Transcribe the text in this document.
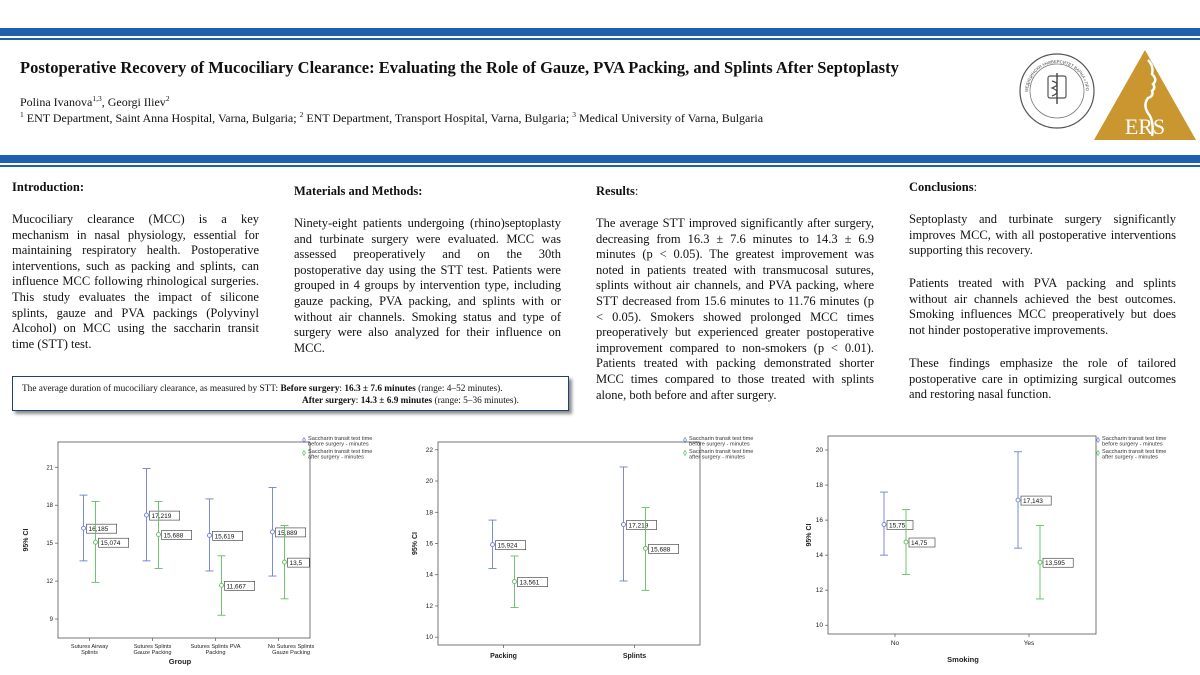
Postoperative Recovery of Mucociliary Clearance: Evaluating the Role of Gauze, PVA Packing, and Splints After Septoplasty
Polina Ivanova$^{1,3}$, Georgi Iliev$^2$
$^1$ ENT Department, Saint Anna Hospital, Varna, Bulgaria; $^2$ ENT Department, Transport Hospital, Varna, Bulgaria; $^3$ Medical University of Varna, Bulgaria
МЕДИЦИНСКИ УНИВЕРСИТЕТ ВАРНА • ПРО
ERS
Introduction:
Mucociliary clearance (MCC) is a key mechanism in nasal physiology, essential for maintaining respiratory health. Postoperative interventions, such as packing and splints, can influence MCC following rhinological surgeries. This study evaluates the impact of silicone splints, gauze and PVA packings (Polyvinyl Alcohol) on MCC using the saccharin transit time (STT) test.
Materials and Methods:
Ninety-eight patients undergoing (rhino)septoplasty and turbinate surgery were evaluated. MCC was assessed preoperatively and on the 30th postoperative day using the STT test. Patients were grouped in 4 groups by intervention type, including gauze packing, PVA packing, and splints with or without air channels. Smoking status and type of surgery were also analyzed for their influence on MCC.
Results:
The average STT improved significantly after surgery, decreasing from 16.3 ± 7.6 minutes to 14.3 ± 6.9 minutes (p < 0.05). The greatest improvement was noted in patients treated with transmucosal sutures, splints without air channels, and PVA packing, where STT decreased from 15.6 minutes to 11.76 minutes (p < 0.05). Smokers showed prolonged MCC times preoperatively but experienced greater postoperative improvement compared to non-smokers (p < 0.01). Patients treated with packing demonstrated shorter MCC times compared to those treated with splints alone, both before and after surgery.
Conclusions:
Septoplasty and turbinate surgery significantly improves MCC, with all postoperative interventions supporting this recovery.
Patients treated with PVA packing and splints without air channels achieved the best outcomes. Smoking influences MCC preoperatively but does not hinder postoperative improvements.
These findings emphasize the role of tailored postoperative care in optimizing surgical outcomes and restoring nasal function.
The average duration of mucociliary clearance, as measured by STT: Before surgery: 16.3 ± 7.6 minutes (range: 4–52 minutes).
After surgery: 14.3 ± 6.9 minutes (range: 5–36 minutes).
9
12
15
18
21
95% CI	16,185
15,074
17,219
15,688	15,619
11,667
15,889
13,5
Sutures Airway
Splints
Sutures Splints
Gauze Packing
Sutures Splints PVA
Packing
No Sutures Splints
Gauze Packing
Group
Saccharin transit test time
before surgery - minutes
Saccharin transit test time
after surgery - minutes
10
12
14
16
18
20
22
95% CI	15,924
13,561
17,219
15,688
Packing	Splints
Saccharin transit test time
before surgery - minutes
Saccharin transit test time
after surgery - minutes
10
12
14
16
18
20
95% CI	15,75
14,75
17,143
13,595
No	Yes
Smoking
Saccharin transit test time
before surgery - minutes
Saccharin transit test time
after surgery - minutes
